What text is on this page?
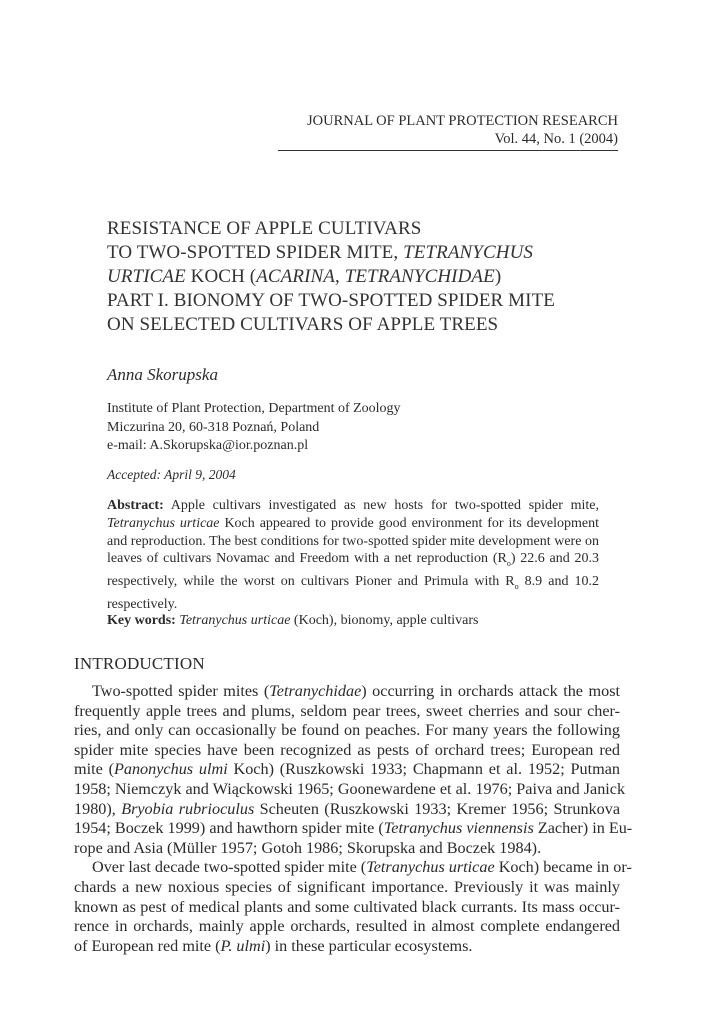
JOURNAL OF PLANT PROTECTION RESEARCH
Vol. 44, No. 1 (2004)
RESISTANCE OF APPLE CULTIVARS
TO TWO-SPOTTED SPIDER MITE, TETRANYCHUS
URTICAE KOCH (ACARINA, TETRANYCHIDAE)
PART I. BIONOMY OF TWO-SPOTTED SPIDER MITE
ON SELECTED CULTIVARS OF APPLE TREES
Anna Skorupska
Institute of Plant Protection, Department of Zoology
Miczurina 20, 60-318 Poznań, Poland
e-mail: A.Skorupska@ior.poznan.pl
Accepted: April 9, 2004
Abstract: Apple cultivars investigated as new hosts for two-spotted spider mite, Tetranychus urticae Koch appeared to provide good environment for its development and reproduction. The best conditions for two-spotted spider mite development were on leaves of cultivars Novamac and Freedom with a net reproduction $(R_o)$ 22.6 and 20.3 respectively, while the worst on cultivars Pioner and Primula with $R_o$ 8.9 and 10.2 respectively.
Key words: Tetranychus urticae (Koch), bionomy, apple cultivars
INTRODUCTION
Two-spotted spider mites (Tetranychidae) occurring in orchards attack the most
frequently apple trees and plums, seldom pear trees, sweet cherries and sour cher-
ries, and only can occasionally be found on peaches. For many years the following
spider mite species have been recognized as pests of orchard trees; European red
mite (Panonychus ulmi Koch) (Ruszkowski 1933; Chapmann et al. 1952; Putman
1958; Niemczyk and Wiąckowski 1965; Goonewardene et al. 1976; Paiva and Janick
1980), Bryobia rubrioculus Scheuten (Ruszkowski 1933; Kremer 1956; Strunkova
1954; Boczek 1999) and hawthorn spider mite (Tetranychus viennensis Zacher) in Eu-
rope and Asia (Müller 1957; Gotoh 1986; Skorupska and Boczek 1984).
Over last decade two-spotted spider mite (Tetranychus urticae Koch) became in or-
chards a new noxious species of significant importance. Previously it was mainly
known as pest of medical plants and some cultivated black currants. Its mass occur-
rence in orchards, mainly apple orchards, resulted in almost complete endangered
of European red mite (P. ulmi) in these particular ecosystems.
